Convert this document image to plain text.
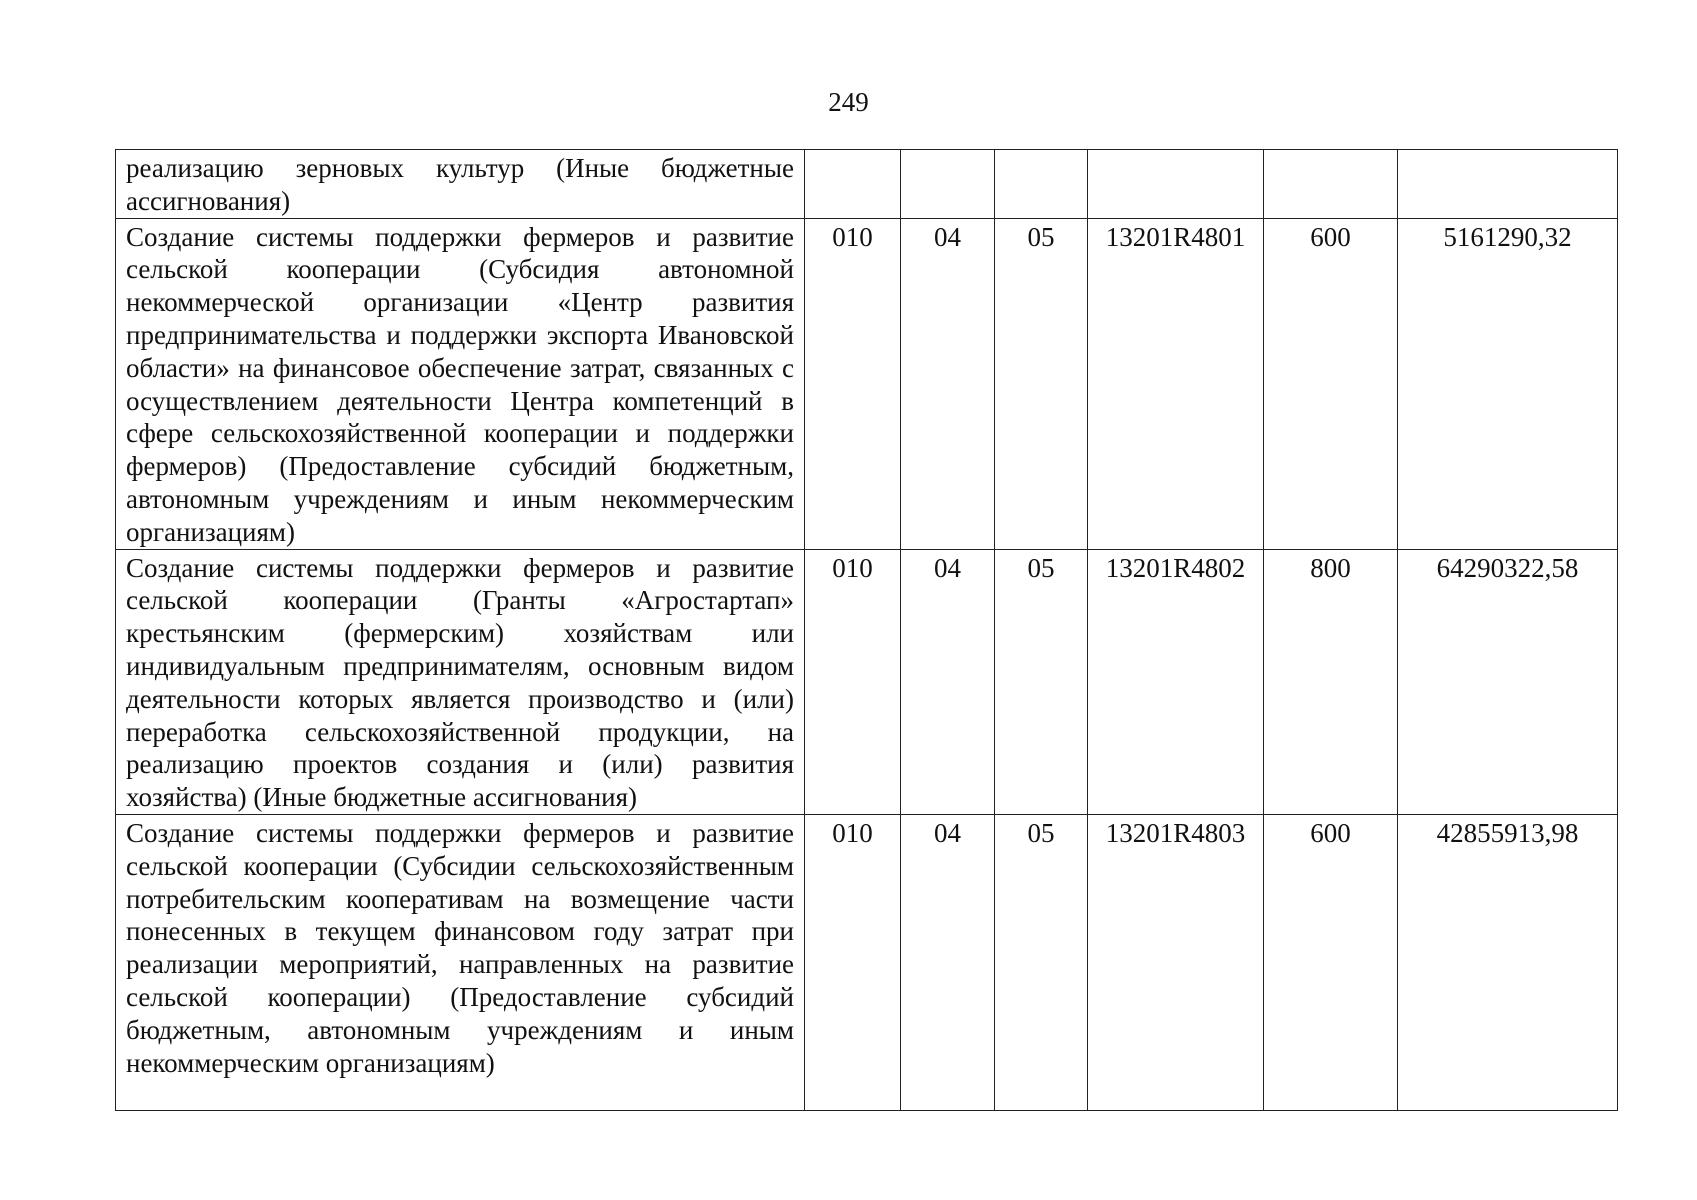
249
реализацию зерновых культур (Иные бюджетные ассигнования)						
Создание системы поддержки фермеров и развитие сельской кооперации (Субсидия автономной некоммерческой организации «Центр развития предпринимательства и поддержки экспорта Ивановской области» на финансовое обеспечение затрат, связанных с осуществлением деятельности Центра компетенций в сфере сельскохозяйственной кооперации и поддержки фермеров) (Предоставление субсидий бюджетным, автономным учреждениям и иным некоммерческим организациям)	010	04	05	13201R4801	600	5161290,32
Создание системы поддержки фермеров и развитие сельской кооперации (Гранты «Агростартап» крестьянским (фермерским) хозяйствам или индивидуальным предпринимателям, основным видом деятельности которых является производство и (или) переработка сельскохозяйственной продукции, на реализацию проектов создания и (или) развития хозяйства) (Иные бюджетные ассигнования)	010	04	05	13201R4802	800	64290322,58
Создание системы поддержки фермеров и развитие сельской кооперации (Субсидии сельскохозяйственным потребительским кооперативам на возмещение части понесенных в текущем финансовом году затрат при реализации мероприятий, направленных на развитие сельской кооперации) (Предоставление субсидий бюджетным, автономным учреждениям и иным некоммерческим организациям)	010	04	05	13201R4803	600	42855913,98
